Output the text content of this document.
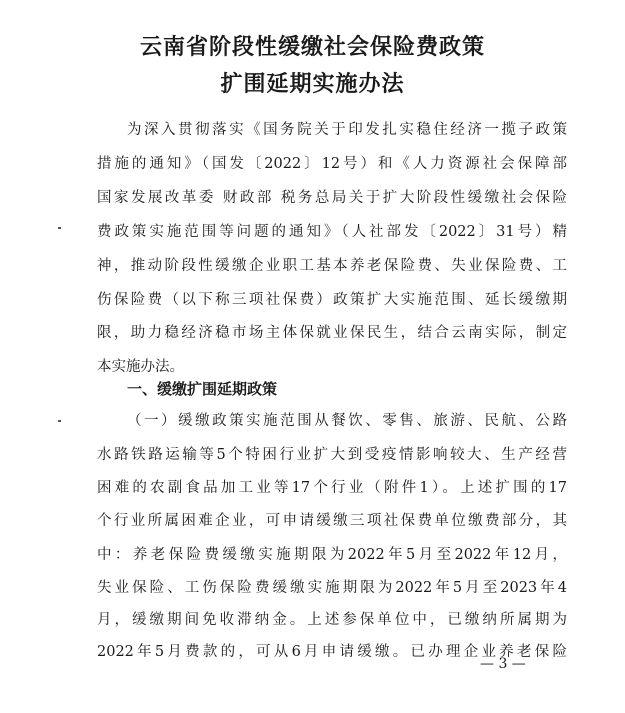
云南省阶段性缓缴社会保险费政策
扩围延期实施办法
为深入贯彻落实《国务院关于印发扎实稳住经济一揽子政策
措施的通知》（国发〔2022〕12号）和《人力资源社会保障部
国家发展改革委 财政部 税务总局关于扩大阶段性缓缴社会保险
费政策实施范围等问题的通知》（人社部发〔2022〕31号）精
神，推动阶段性缓缴企业职工基本养老保险费、失业保险费、工
伤保险费（以下称三项社保费）政策扩大实施范围、延长缓缴期
限，助力稳经济稳市场主体保就业保民生，结合云南实际，制定
本实施办法。
一、缓缴扩围延期政策
（一）缓缴政策实施范围从餐饮、零售、旅游、民航、公路
水路铁路运输等5个特困行业扩大到受疫情影响较大、生产经营
困难的农副食品加工业等17个行业（附件1）。上述扩围的17
个行业所属困难企业，可申请缓缴三项社保费单位缴费部分，其
中：养老保险费缓缴实施期限为2022年5月至2022年12月，
失业保险、工伤保险费缓缴实施期限为2022年5月至2023年4
月，缓缴期间免收滞纳金。上述参保单位中，已缴纳所属期为
2022年5月费款的，可从6月申请缓缴。已办理企业养老保险
— 3 —
